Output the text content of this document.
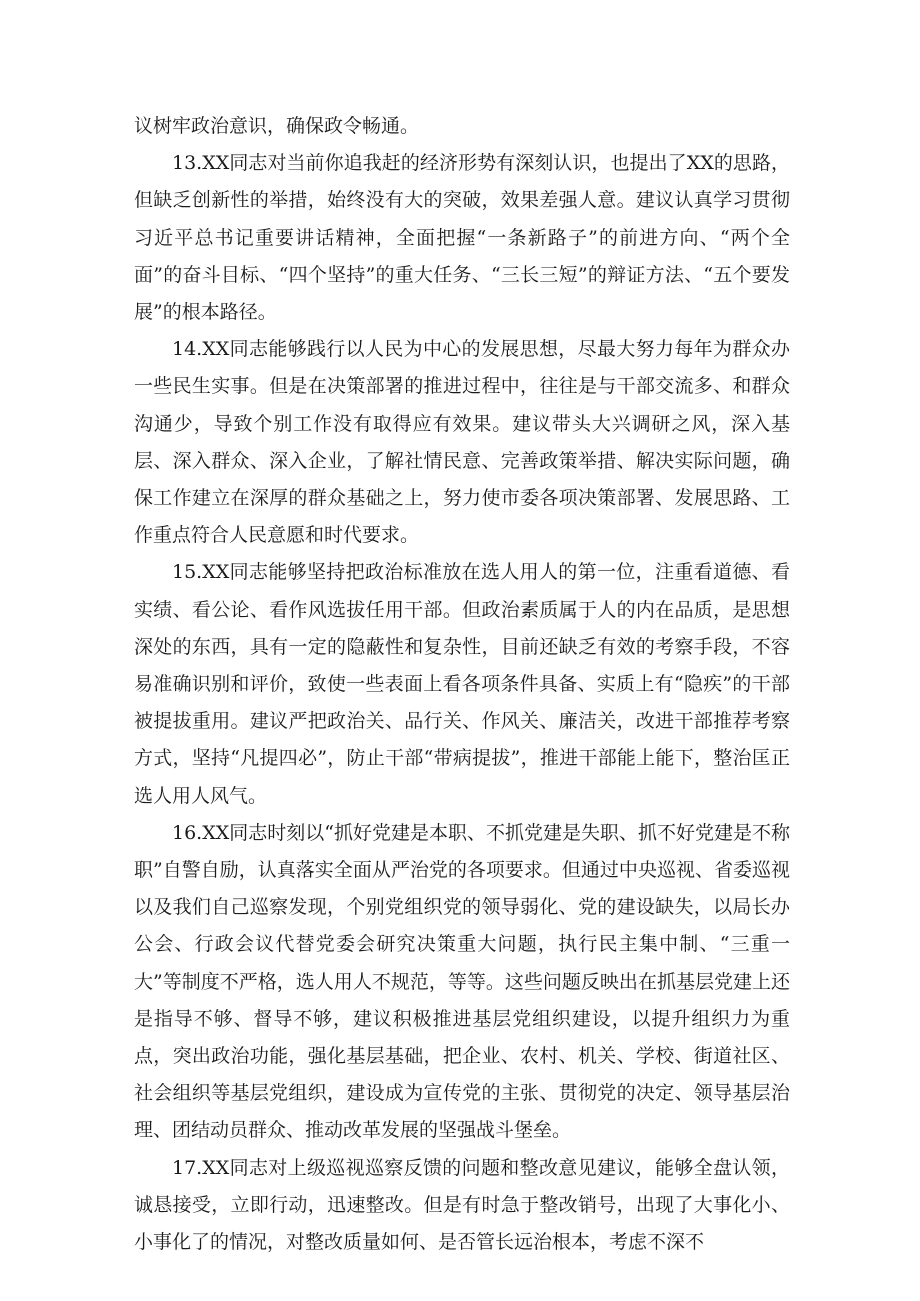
议树牢政治意识，确保政令畅通。

13.XX同志对当前你追我赶的经济形势有深刻认识，也提出了XX的思路，但缺乏创新性的举措，始终没有大的突破，效果差强人意。建议认真学习贯彻习近平总书记重要讲话精神，全面把握“一条新路子”的前进方向、“两个全面”的奋斗目标、“四个坚持”的重大任务、“三长三短”的辩证方法、“五个要发展”的根本路径。

14.XX同志能够践行以人民为中心的发展思想，尽最大努力每年为群众办一些民生实事。但是在决策部署的推进过程中，往往是与干部交流多、和群众沟通少，导致个别工作没有取得应有效果。建议带头大兴调研之风，深入基层、深入群众、深入企业，了解社情民意、完善政策举措、解决实际问题，确保工作建立在深厚的群众基础之上，努力使市委各项决策部署、发展思路、工作重点符合人民意愿和时代要求。

15.XX同志能够坚持把政治标准放在选人用人的第一位，注重看道德、看实绩、看公论、看作风选拔任用干部。但政治素质属于人的内在品质，是思想深处的东西，具有一定的隐蔽性和复杂性，目前还缺乏有效的考察手段，不容易准确识别和评价，致使一些表面上看各项条件具备、实质上有“隐疾”的干部被提拔重用。建议严把政治关、品行关、作风关、廉洁关，改进干部推荐考察方式，坚持“凡提四必”，防止干部“带病提拔”，推进干部能上能下，整治匡正选人用人风气。

16.XX同志时刻以“抓好党建是本职、不抓党建是失职、抓不好党建是不称职”自警自励，认真落实全面从严治党的各项要求。但通过中央巡视、省委巡视以及我们自己巡察发现，个别党组织党的领导弱化、党的建设缺失，以局长办公会、行政会议代替党委会研究决策重大问题，执行民主集中制、“三重一大”等制度不严格，选人用人不规范，等等。这些问题反映出在抓基层党建上还是指导不够、督导不够，建议积极推进基层党组织建设，以提升组织力为重点，突出政治功能，强化基层基础，把企业、农村、机关、学校、街道社区、社会组织等基层党组织，建设成为宣传党的主张、贯彻党的决定、领导基层治理、团结动员群众、推动改革发展的坚强战斗堡垒。

17.XX同志对上级巡视巡察反馈的问题和整改意见建议，能够全盘认领，诚恳接受，立即行动，迅速整改。但是有时急于整改销号，出现了大事化小、小事化了的情况，对整改质量如何、是否管长远治根本，考虑不深不
